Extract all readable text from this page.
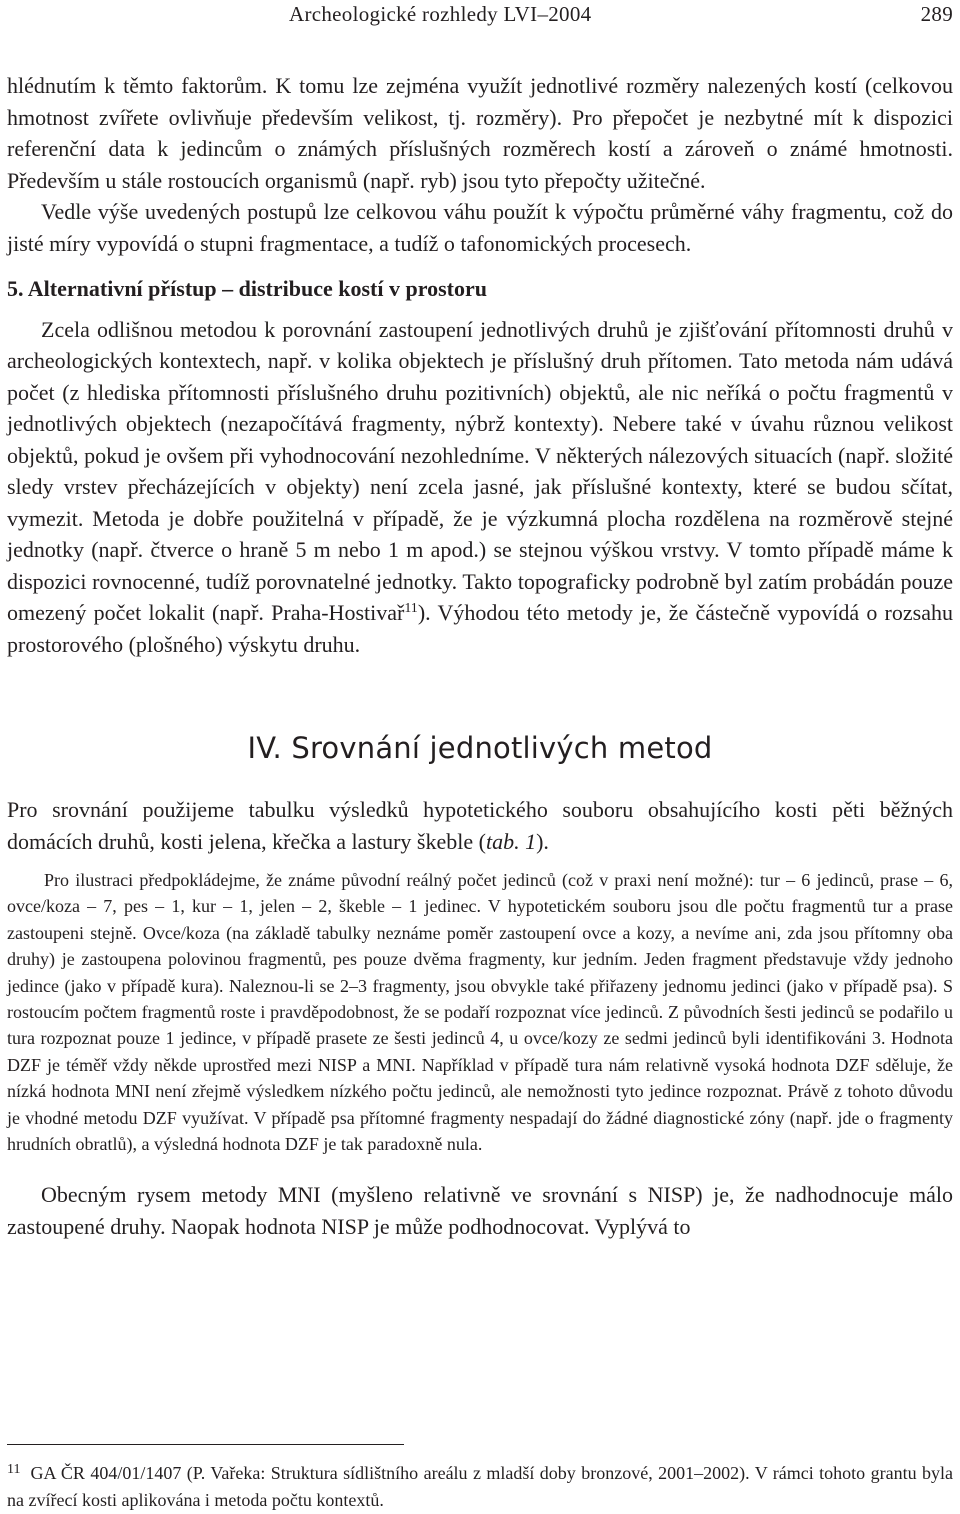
Archeologické rozhledy LVI–2004	289

hlédnutím k těmto faktorům. K tomu lze zejména využít jednotlivé rozměry nalezených kostí (celkovou hmotnost zvířete ovlivňuje především velikost, tj. rozměry). Pro přepočet je nezbytné mít k dispozici referenční data k jedincům o známých příslušných rozměrech kostí a zároveň o známé hmotnosti. Především u stále rostoucích organismů (např. ryb) jsou tyto přepočty užitečné.

Vedle výše uvedených postupů lze celkovou váhu použít k výpočtu průměrné váhy fragmentu, což do jisté míry vypovídá o stupni fragmentace, a tudíž o tafonomických procesech.

5. Alternativní přístup – distribuce kostí v prostoru

Zcela odlišnou metodou k porovnání zastoupení jednotlivých druhů je zjišťování přítomnosti druhů v archeologických kontextech, např. v kolika objektech je příslušný druh přítomen. Tato metoda nám udává počet (z hlediska přítomnosti příslušného druhu pozitivních) objektů, ale nic neříká o počtu fragmentů v jednotlivých objektech (nezapočítává fragmenty, nýbrž kontexty). Nebere také v úvahu různou velikost objektů, pokud je ovšem při vyhodnocování nezohledníme. V některých nálezových situacích (např. složité sledy vrstev přecházejících v objekty) není zcela jasné, jak příslušné kontexty, které se budou sčítat, vymezit. Metoda je dobře použitelná v případě, že je výzkumná plocha rozdělena na rozměrově stejné jednotky (např. čtverce o hraně 5 m nebo 1 m apod.) se stejnou výškou vrstvy. V tomto případě máme k dispozici rovnocenné, tudíž porovnatelné jednotky. Takto topograficky podrobně byl zatím probádán pouze omezený počet lokalit (např. Praha-Hostivař$^{11}$). Výhodou této metody je, že částečně vypovídá o rozsahu prostorového (plošného) výskytu druhu.

IV. Srovnání jednotlivých metod

Pro srovnání použijeme tabulku výsledků hypotetického souboru obsahujícího kosti pěti běžných domácích druhů, kosti jelena, křečka a lastury škeble (tab. 1).

Pro ilustraci předpokládejme, že známe původní reálný počet jedinců (což v praxi není možné): tur – 6 jedinců, prase – 6, ovce/koza – 7, pes – 1, kur – 1, jelen – 2, škeble – 1 jedinec. V hypotetickém souboru jsou dle počtu fragmentů tur a prase zastoupeni stejně. Ovce/koza (na základě tabulky neznáme poměr zastoupení ovce a kozy, a nevíme ani, zda jsou přítomny oba druhy) je zastoupena polovinou fragmentů, pes pouze dvěma fragmenty, kur jedním. Jeden fragment představuje vždy jednoho jedince (jako v případě kura). Naleznou-li se 2–3 fragmenty, jsou obvykle také přiřazeny jednomu jedinci (jako v případě psa). S rostoucím počtem fragmentů roste i pravděpodobnost, že se podaří rozpoznat více jedinců. Z původních šesti jedinců se podařilo u tura rozpoznat pouze 1 jedince, v případě prasete ze šesti jedinců 4, u ovce/kozy ze sedmi jedinců byli identifikováni 3. Hodnota DZF je téměř vždy někde uprostřed mezi NISP a MNI. Například v případě tura nám relativně vysoká hodnota DZF sděluje, že nízká hodnota MNI není zřejmě výsledkem nízkého počtu jedinců, ale nemožnosti tyto jedince rozpoznat. Právě z tohoto důvodu je vhodné metodu DZF využívat. V případě psa přítomné fragmenty nespadají do žádné diagnostické zóny (např. jde o fragmenty hrudních obratlů), a výsledná hodnota DZF je tak paradoxně nula.

Obecným rysem metody MNI (myšleno relativně ve srovnání s NISP) je, že nadhodnocuje málo zastoupené druhy. Naopak hodnota NISP je může podhodnocovat. Vyplývá to

$^{11}$ GA ČR 404/01/1407 (P. Vařeka: Struktura sídlištního areálu z mladší doby bronzové, 2001–2002). V rámci tohoto grantu byla na zvířecí kosti aplikována i metoda počtu kontextů.
